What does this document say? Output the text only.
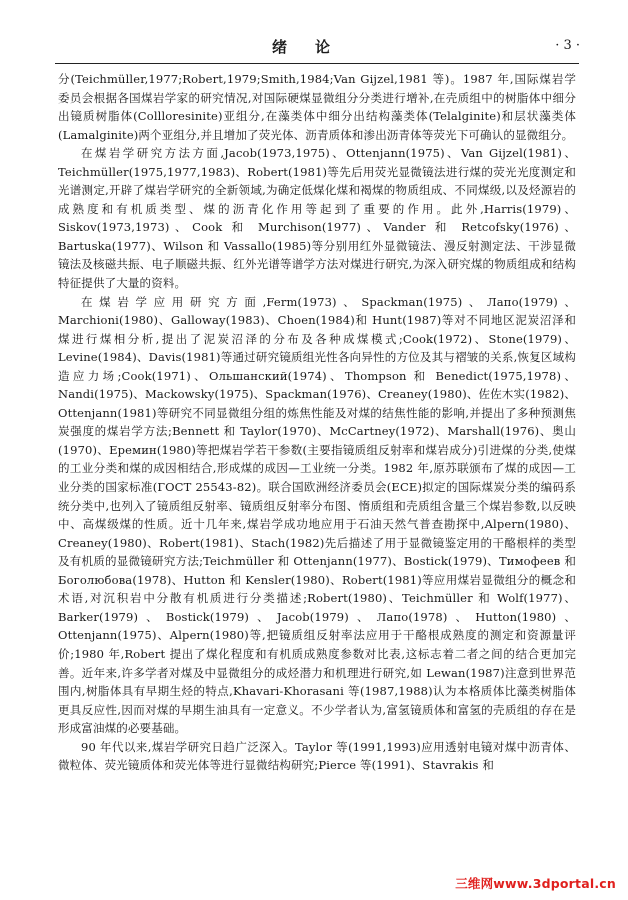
绪论	· 3 ·

分(Teichmüller,1977;Robert,1979;Smith,1984;Van Gijzel,1981 等)。1987 年,国际煤岩学委员会根据各国煤岩学家的研究情况,对国际硬煤显微组分分类进行增补,在壳质组中的树脂体中细分出镜质树脂体(Collloresinite)亚组分,在藻类体中细分出结构藻类体(Telalginite)和层状藻类体(Lamalginite)两个亚组分,并且增加了荧光体、沥青质体和渗出沥青体等荧光下可确认的显微组分。

在煤岩学研究方法方面,Jacob(1973,1975)、Ottenjann(1975)、Van Gijzel(1981)、Teichmüller(1975,1977,1983)、Robert(1981)等先后用荧光显微镜法进行煤的荧光光度测定和光谱测定,开辟了煤岩学研究的全新领域,为确定低煤化煤和褐煤的物质组成、不同煤级,以及烃源岩的成熟度和有机质类型、煤的沥青化作用等起到了重要的作用。此外,Harris(1979)、Siskov(1973,1973)、Cook 和 Murchison(1977)、Vander 和 Retcofsky(1976)、Bartuska(1977)、Wilson 和 Vassallo(1985)等分别用红外显微镜法、漫反射测定法、干涉显微镜法及核磁共振、电子顺磁共振、红外光谱等谱学方法对煤进行研究,为深入研究煤的物质组成和结构特征提供了大量的资料。

在煤岩学应用研究方面,Ferm(1973)、Spackman(1975)、Лапо(1979)、Marchioni(1980)、Galloway(1983)、Choen(1984)和 Hunt(1987)等对不同地区泥炭沼泽和煤进行煤相分析,提出了泥炭沼泽的分布及各种成煤模式;Cook(1972)、Stone(1979)、Levine(1984)、Davis(1981)等通过研究镜质组光性各向异性的方位及其与褶皱的关系,恢复区域构造应力场;Cook(1971)、Ольшанский(1974)、Thompson 和 Benedict(1975,1978)、Nandi(1975)、Mackowsky(1975)、Spackman(1976)、Creaney(1980)、佐佐木实(1982)、Ottenjann(1981)等研究不同显微组分组的炼焦性能及对煤的结焦性能的影响,并提出了多种预测焦炭强度的煤岩学方法;Bennett 和 Taylor(1970)、McCartney(1972)、Marshall(1976)、奥山(1970)、Еремин(1980)等把煤岩学若干参数(主要指镜质组反射率和煤岩成分)引进煤的分类,使煤的工业分类和煤的成因相结合,形成煤的成因—工业统一分类。1982 年,原苏联颁布了煤的成因—工业分类的国家标准(ГОСТ 25543-82)。联合国欧洲经济委员会(ECE)拟定的国际煤炭分类的编码系统分类中,也列入了镜质组反射率、镜质组反射率分布图、惰质组和壳质组含量三个煤岩参数,以反映中、高煤级煤的性质。近十几年来,煤岩学成功地应用于石油天然气普查勘探中,Alpern(1980)、Creaney(1980)、Robert(1981)、Stach(1982)先后描述了用于显微镜鉴定用的干酪根样的类型及有机质的显微镜研究方法;Teichmüller 和 Ottenjann(1977)、Bostick(1979)、Тимофеев 和 Боголюбова(1978)、Hutton 和 Kensler(1980)、Robert(1981)等应用煤岩显微组分的概念和术语,对沉积岩中分散有机质进行分类描述;Robert(1980)、Teichmüller 和 Wolf(1977)、Barker(1979)、Bostick(1979)、Jacob(1979)、Лапо(1978)、Hutton(1980)、Ottenjann(1975)、Alpern(1980)等,把镜质组反射率法应用于干酪根成熟度的测定和资源量评价;1980 年,Robert 提出了煤化程度和有机质成熟度参数对比表,这标志着二者之间的结合更加完善。近年来,许多学者对煤及中显微组分的成烃潜力和机理进行研究,如 Lewan(1987)注意到世界范围内,树脂体具有早期生烃的特点,Khavari-Khorasani 等(1987,1988)认为本格质体比藻类树脂体更具反应性,因而对煤的早期生油具有一定意义。不少学者认为,富氢镜质体和富氢的壳质组的存在是形成富油煤的必要基础。

90 年代以来,煤岩学研究日趋广泛深入。Taylor 等(1991,1993)应用透射电镜对煤中沥青体、微粒体、荧光镜质体和荧光体等进行显微结构研究;Pierce 等(1991)、Stavrakis 和

三维网www.3dportal.cn
